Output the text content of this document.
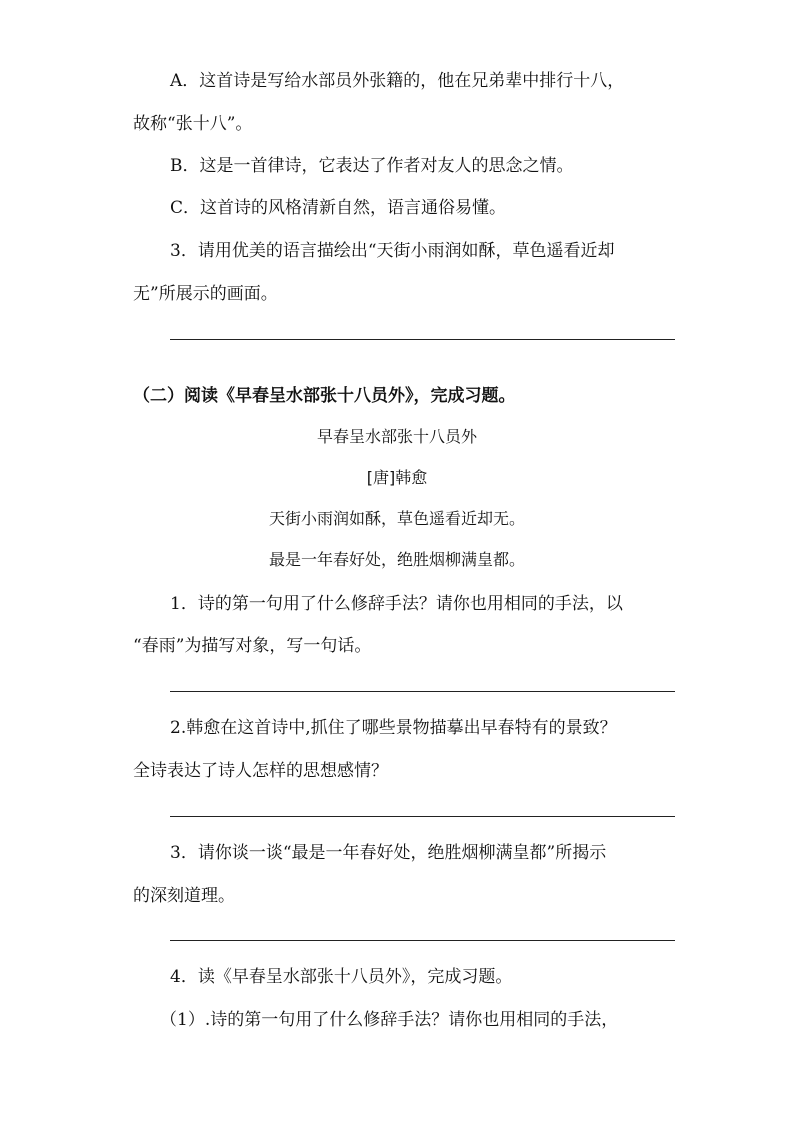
A．这首诗是写给水部员外张籍的，他在兄弟辈中排行十八，
故称“张十八”。
B．这是一首律诗，它表达了作者对友人的思念之情。
C．这首诗的风格清新自然，语言通俗易懂。
3．请用优美的语言描绘出“天街小雨润如酥，草色遥看近却
无”所展示的画面。
（二）阅读《早春呈水部张十八员外》，完成习题。
早春呈水部张十八员外
[唐]韩愈
天街小雨润如酥，草色遥看近却无。
最是一年春好处，绝胜烟柳满皇都。
1．诗的第一句用了什么修辞手法？请你也用相同的手法，以
“春雨”为描写对象，写一句话。
2.韩愈在这首诗中,抓住了哪些景物描摹出早春特有的景致？
全诗表达了诗人怎样的思想感情？
3．请你谈一谈“最是一年春好处，绝胜烟柳满皇都”所揭示
的深刻道理。
4．读《早春呈水部张十八员外》，完成习题。
（1）.诗的第一句用了什么修辞手法？请你也用相同的手法，
